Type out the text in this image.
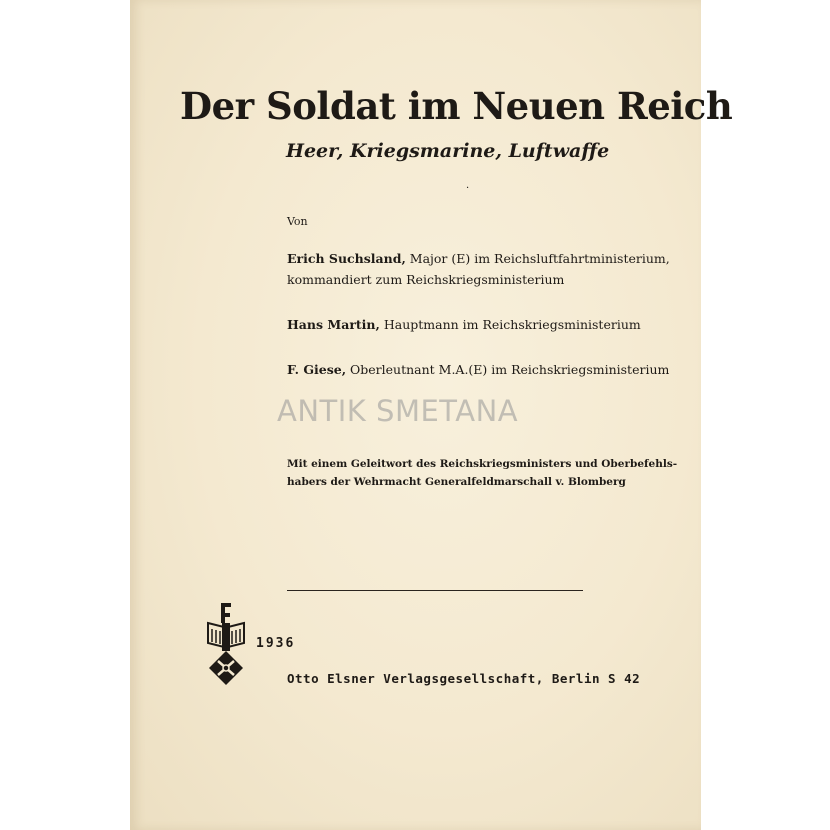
Der Soldat im Neuen Reich
Heer, Kriegsmarine, Luftwaffe
·
Von
Erich Suchsland, Major (E) im Reichsluftfahrtministerium,
kommandiert zum Reichskriegsministerium
Hans Martin, Hauptmann im Reichskriegsministerium
F. Giese, Oberleutnant M.A.(E) im Reichskriegsministerium
ANTIK SMETANA
Mit einem Geleitwort des Reichskriegsministers und Oberbefehls-
habers der Wehrmacht Generalfeldmarschall v. Blomberg
1936
Otto Elsner Verlagsgesellschaft, Berlin S 42
